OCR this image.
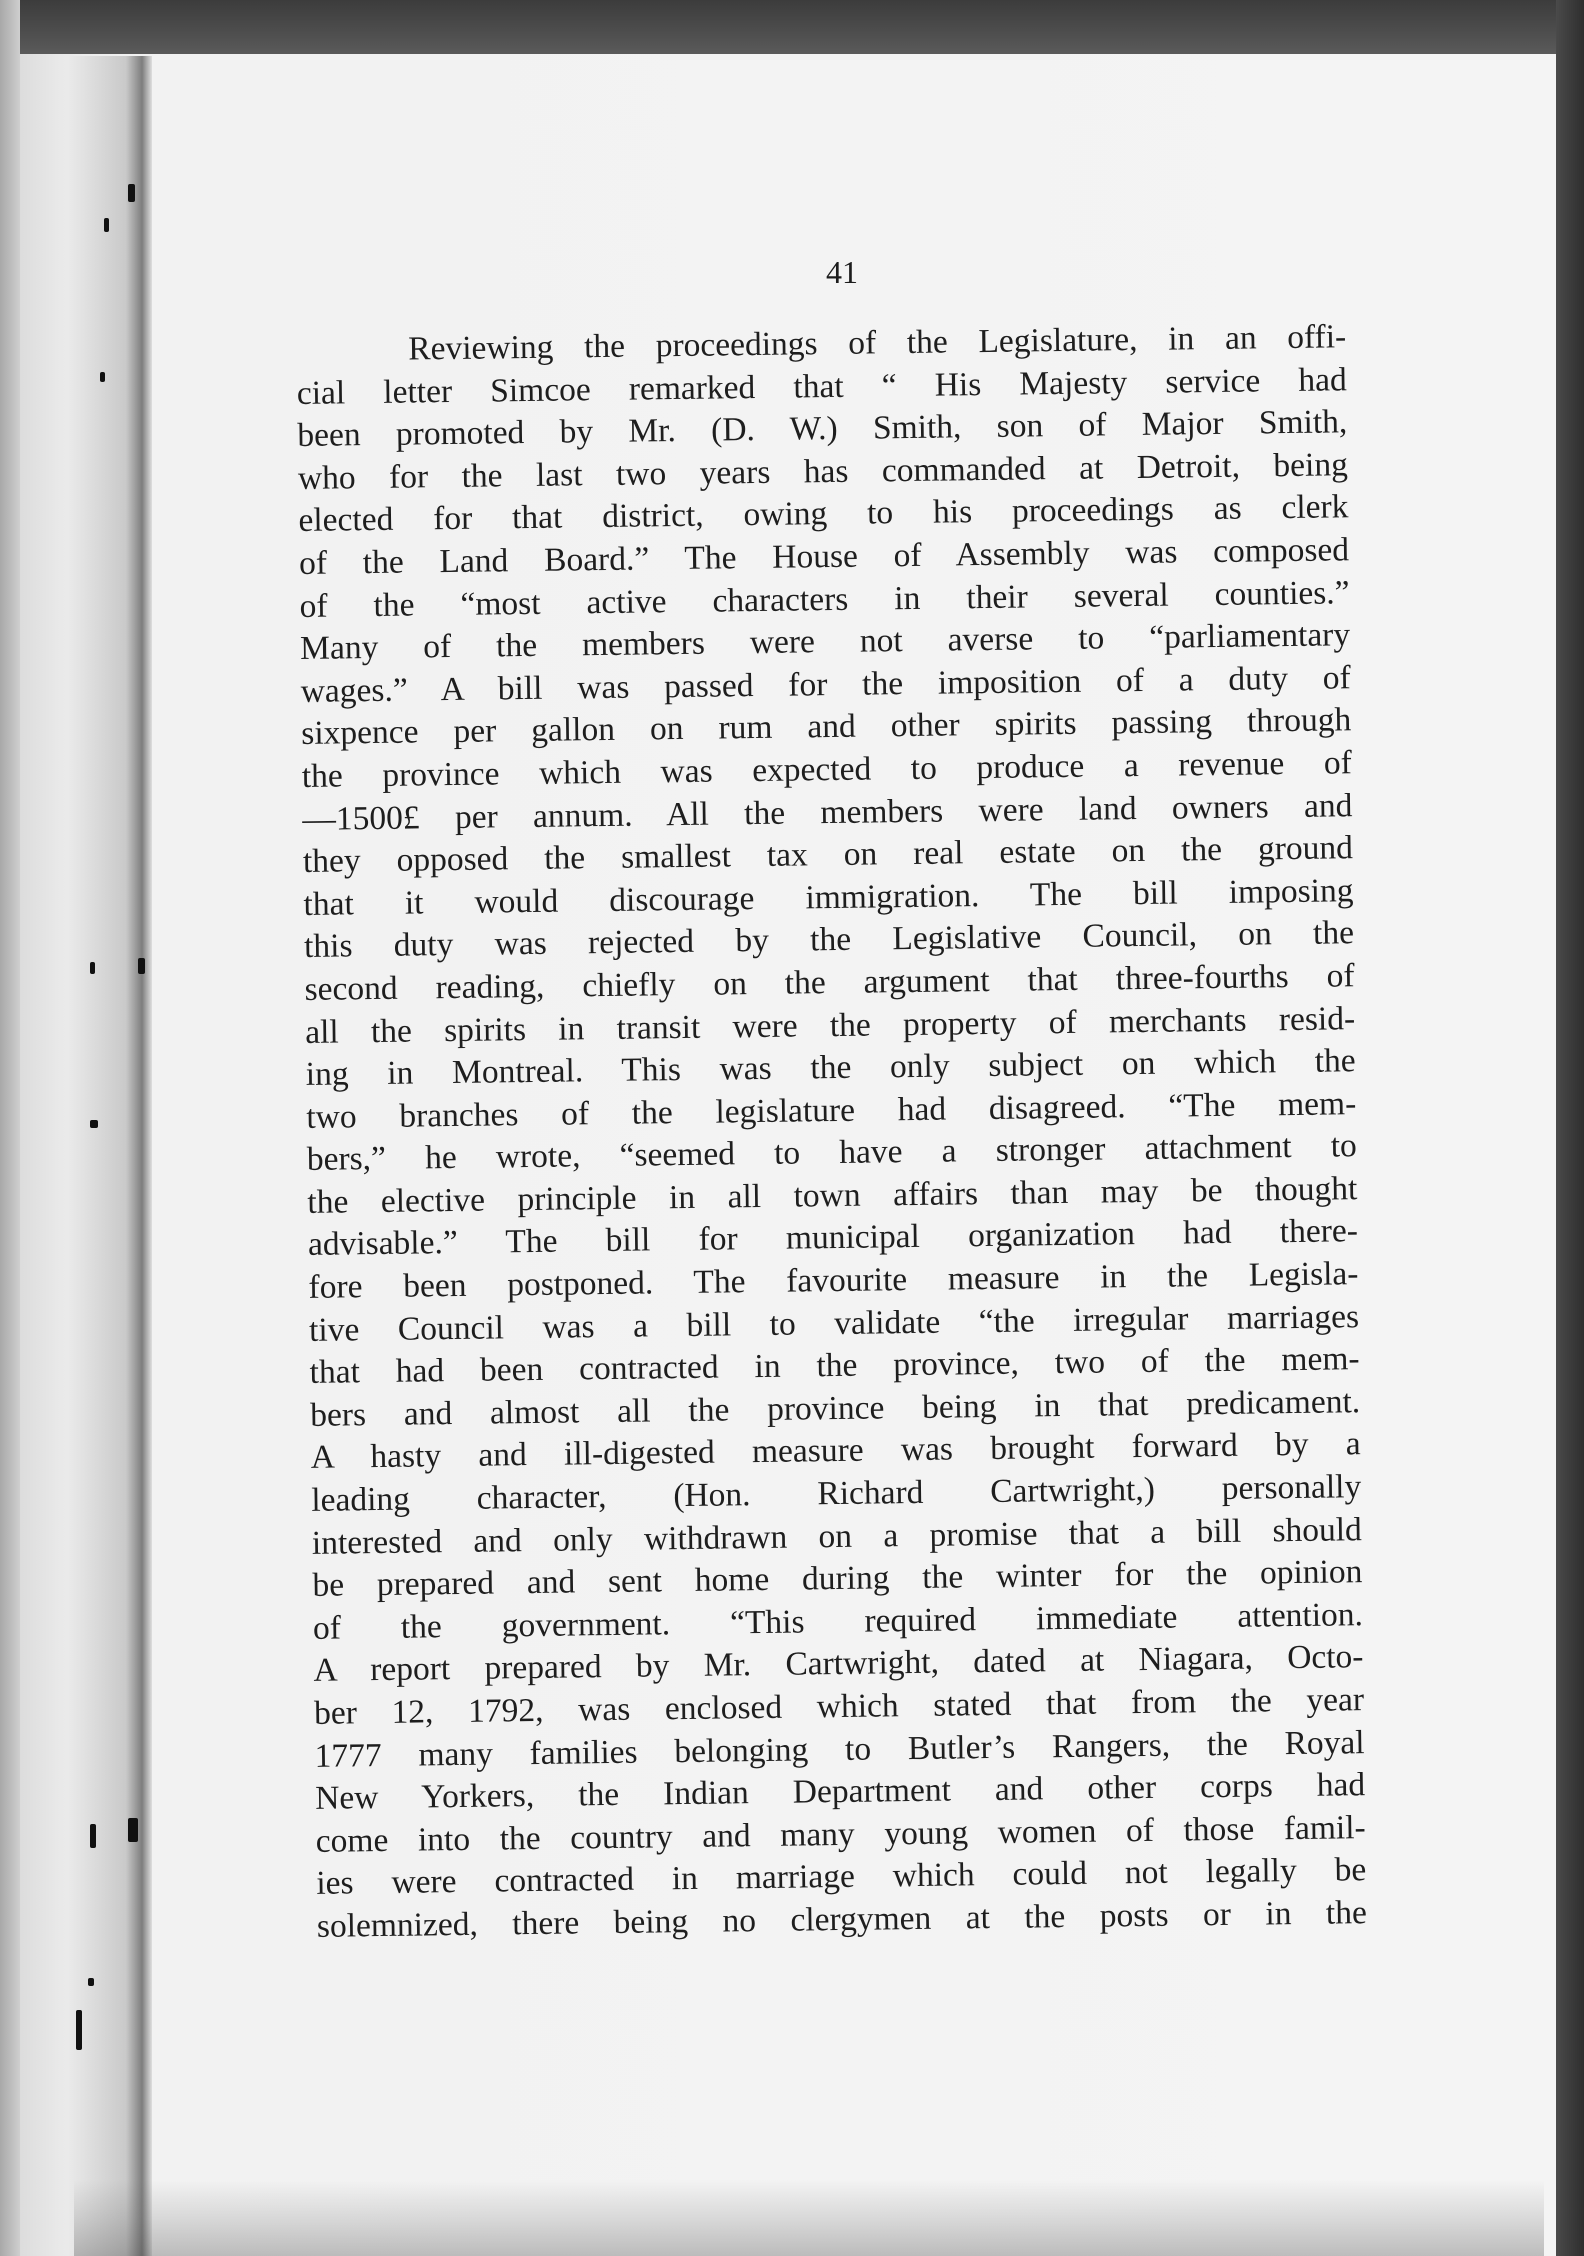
41
Reviewing the proceedings of the Legislature, in an offi-
cial letter Simcoe remarked that “ His Majesty service had
been promoted by Mr. (D. W.) Smith, son of Major Smith,
who for the last two years has commanded at Detroit, being
elected for that district, owing to his proceedings as clerk
of the Land Board.” The House of Assembly was composed
of the “most active characters in their several counties.”
Many of the members were not averse to “parliamentary
wages.” A bill was passed for the imposition of a duty of
sixpence per gallon on rum and other spirits passing through
the province which was expected to produce a revenue of
—1500£ per annum. All the members were land owners and
they opposed the smallest tax on real estate on the ground
that it would discourage immigration. The bill imposing
this duty was rejected by the Legislative Council, on the
second reading, chiefly on the argument that three-fourths of
all the spirits in transit were the property of merchants resid-
ing in Montreal. This was the only subject on which the
two branches of the legislature had disagreed. “The mem-
bers,” he wrote, “seemed to have a stronger attachment to
the elective principle in all town affairs than may be thought
advisable.” The bill for municipal organization had there-
fore been postponed. The favourite measure in the Legisla-
tive Council was a bill to validate “the irregular marriages
that had been contracted in the province, two of the mem-
bers and almost all the province being in that predicament.
A hasty and ill-digested measure was brought forward by a
leading character, (Hon. Richard Cartwright,) personally
interested and only withdrawn on a promise that a bill should
be prepared and sent home during the winter for the opinion
of the government. “This required immediate attention.
A report prepared by Mr. Cartwright, dated at Niagara, Octo-
ber 12, 1792, was enclosed which stated that from the year
1777 many families belonging to Butler’s Rangers, the Royal
New Yorkers, the Indian Department and other corps had
come into the country and many young women of those famil-
ies were contracted in marriage which could not legally be
solemnized, there being no clergymen at the posts or in the
